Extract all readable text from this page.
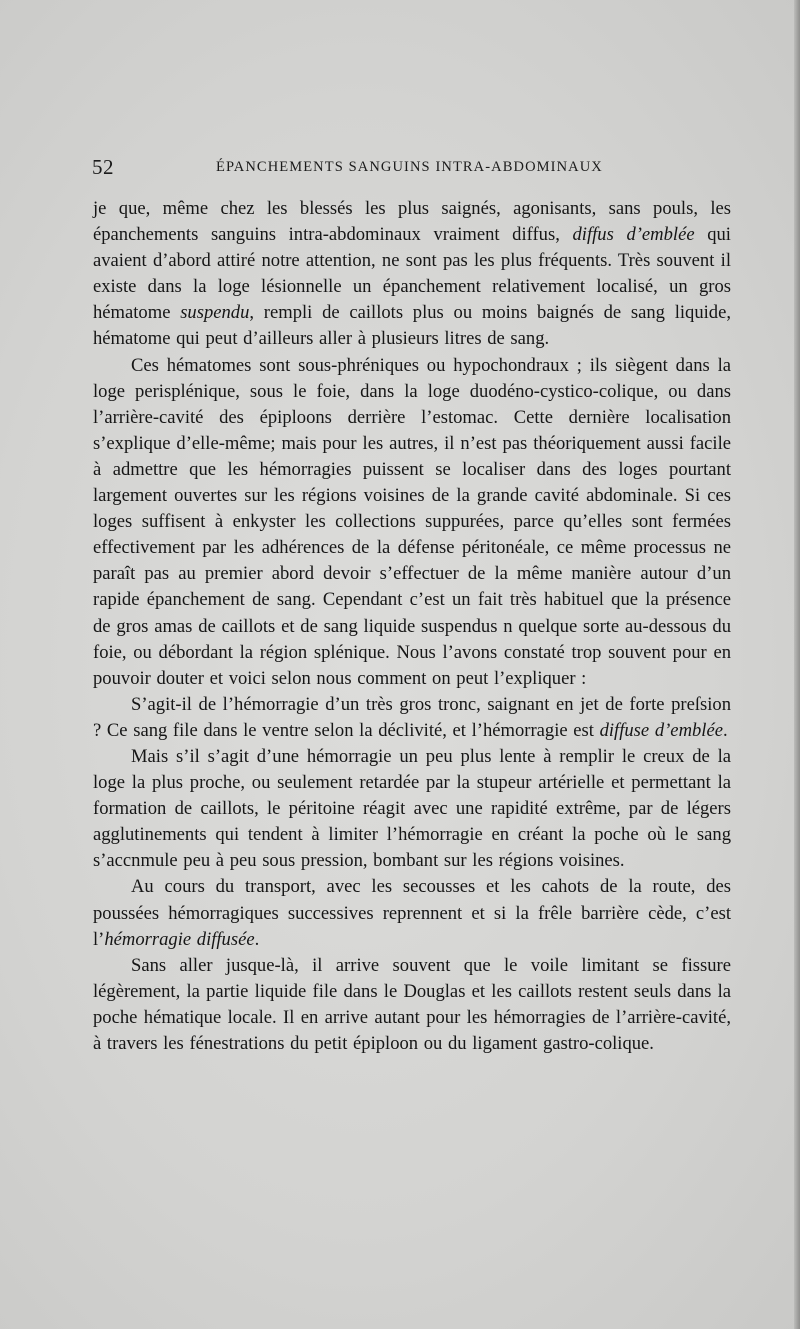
52	ÉPANCHEMENTS SANGUINS INTRA-ABDOMINAUX

je que, même chez les blessés les plus saignés, agonisants, sans pouls, les épanchements sanguins intra-abdominaux vraiment diffus, diffus d’emblée qui avaient d’abord attiré notre attention, ne sont pas les plus fréquents. Très souvent il existe dans la loge lésionnelle un épanchement relativement localisé, un gros hématome suspendu, rempli de caillots plus ou moins baignés de sang liquide, hématome qui peut d’ailleurs aller à plusieurs litres de sang.

Ces hématomes sont sous-phréniques ou hypochondraux ; ils siègent dans la loge perisplénique, sous le foie, dans la loge duodéno-cystico-colique, ou dans l’arrière-cavité des épiploons derrière l’estomac. Cette dernière localisation s’explique d’elle-même; mais pour les autres, il n’est pas théoriquement aussi facile à admettre que les hémorragies puissent se localiser dans des loges pourtant largement ouvertes sur les régions voisines de la grande cavité abdominale. Si ces loges suffisent à enkyster les collections suppurées, parce qu’elles sont fermées effectivement par les adhérences de la défense péritonéale, ce même processus ne paraît pas au premier abord devoir s’effectuer de la même manière autour d’un rapide épanchement de sang. Cependant c’est un fait très habituel que la présence de gros amas de caillots et de sang liquide suspendus n quelque sorte au-dessous du foie, ou débordant la région splénique. Nous l’avons constaté trop souvent pour en pouvoir douter et voici selon nous comment on peut l’expliquer :

S’agit-il de l’hémorragie d’un très gros tronc, saignant en jet de forte preſsion ? Ce sang file dans le ventre selon la déclivité, et l’hémorragie est diffuse d’emblée.

Mais s’il s’agit d’une hémorragie un peu plus lente à remplir le creux de la loge la plus proche, ou seulement retardée par la stupeur artérielle et permettant la formation de caillots, le péritoine réagit avec une rapidité extrême, par de légers agglutinements qui tendent à limiter l’hémorragie en créant la poche où le sang s’accnmule peu à peu sous pression, bombant sur les régions voisines.

Au cours du transport, avec les secousses et les cahots de la route, des poussées hémorragiques successives reprennent et si la frêle barrière cède, c’est l’hémorragie diffusée.

Sans aller jusque-là, il arrive souvent que le voile limitant se fissure légèrement, la partie liquide file dans le Douglas et les caillots restent seuls dans la poche hématique locale. Il en arrive autant pour les hémorragies de l’arrière-cavité, à travers les fénestrations du petit épiploon ou du ligament gastro-colique.
